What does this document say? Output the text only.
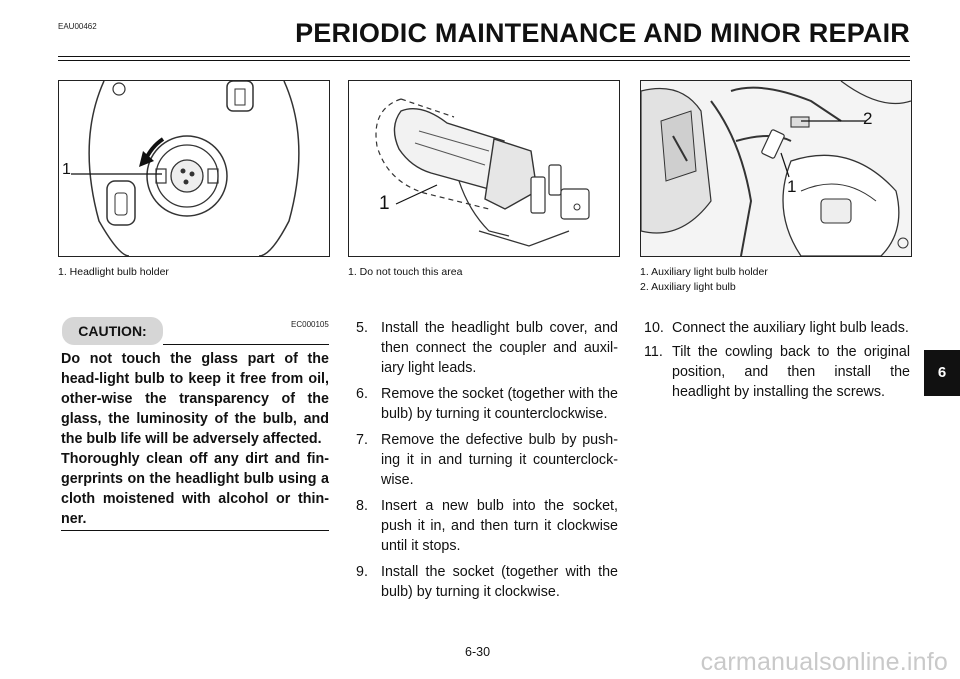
EAU00462	PERIODIC MAINTENANCE AND MINOR REPAIR
1
1. Headlight bulb holder
1
1. Do not touch this area
1
2
1. Auxiliary light bulb holder
2. Auxiliary light bulb
EC000105
CAUTION:

Do not touch the glass part of the head-light bulb to keep it free from oil, other-wise the transparency of the glass, the luminosity of the bulb, and the bulb life will be adversely affected.

Thoroughly clean off any dirt and fin-gerprints on the headlight bulb using a cloth moistened with alcohol or thin-ner.

5. Install the headlight bulb cover, and then connect the coupler and auxil-iary light leads.
6. Remove the socket (together with the bulb) by turning it counterclockwise.
7. Remove the defective bulb by push-ing it in and turning it counterclock-wise.
8. Insert a new bulb into the socket, push it in, and then turn it clockwise until it stops.
9. Install the socket (together with the bulb) by turning it clockwise.
10. Connect the auxiliary light bulb leads.
11. Tilt the cowling back to the original position, and then install the headlight by installing the screws.
6
6-30	carmanualsonline.info
